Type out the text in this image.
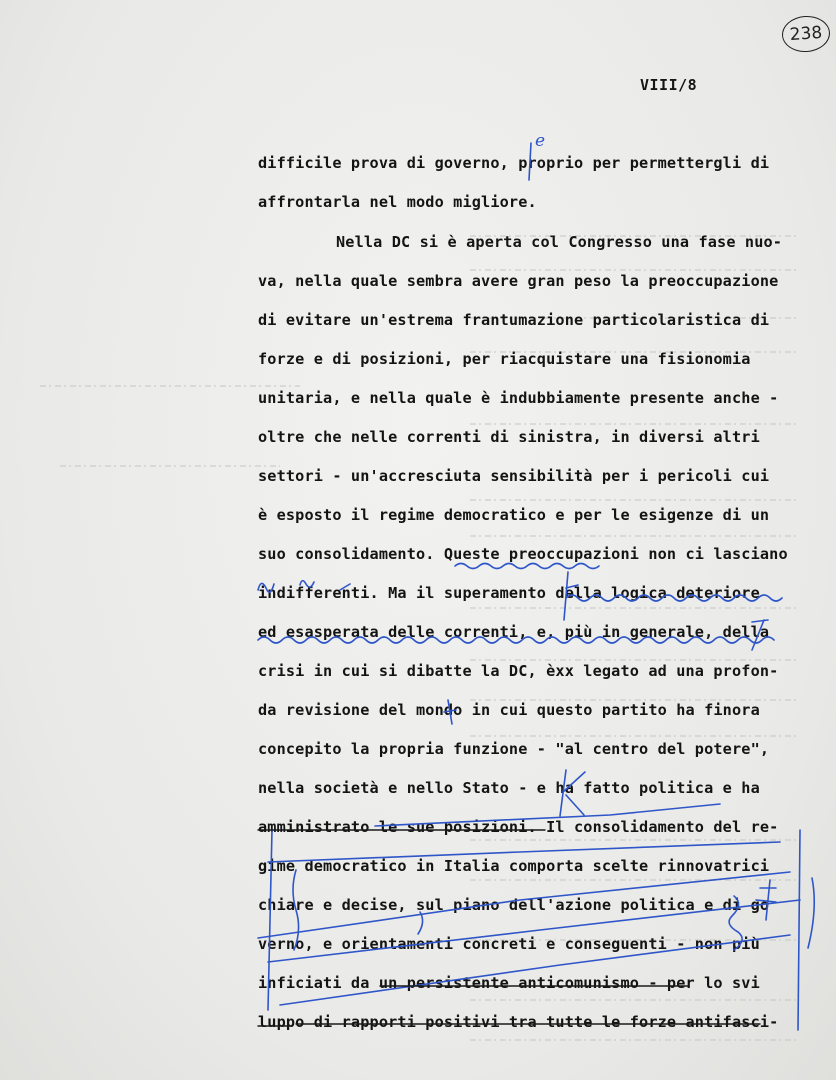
238
VIII/8
difficile prova di governo, proprio per permettergli di
affrontarla nel modo migliore.
Nella DC si è aperta col Congresso una fase nuo-
va, nella quale sembra avere gran peso la preoccupazione
di evitare un'estrema frantumazione particolaristica di
forze e di posizioni, per riacquistare una fisionomia
unitaria, e nella quale è indubbiamente presente anche -
oltre che nelle correnti di sinistra, in diversi altri
settori - un'accresciuta sensibilità per i pericoli cui
è esposto il regime democratico e per le esigenze di un
suo consolidamento. Queste preoccupazioni non ci lasciano
indifferenti. Ma il superamento della logica deteriore
ed esasperata delle correnti, e, più in generale, della
crisi in cui si dibatte la DC, èxx legato ad una profon-
da revisione del mondo in cui questo partito ha finora
concepito la propria funzione - "al centro del potere",
nella società e nello Stato - e ha fatto politica e ha
amministrato le sue posizioni. Il consolidamento del re-
gime democratico in Italia comporta scelte rinnovatrici
chiare e decise, sul piano dell'azione politica e di go
verno, e orientamenti concreti e conseguenti - non più
inficiati da un persistente anticomunismo - per lo svi
luppo di rapporti positivi tra tutte le forze antifasci-
e
